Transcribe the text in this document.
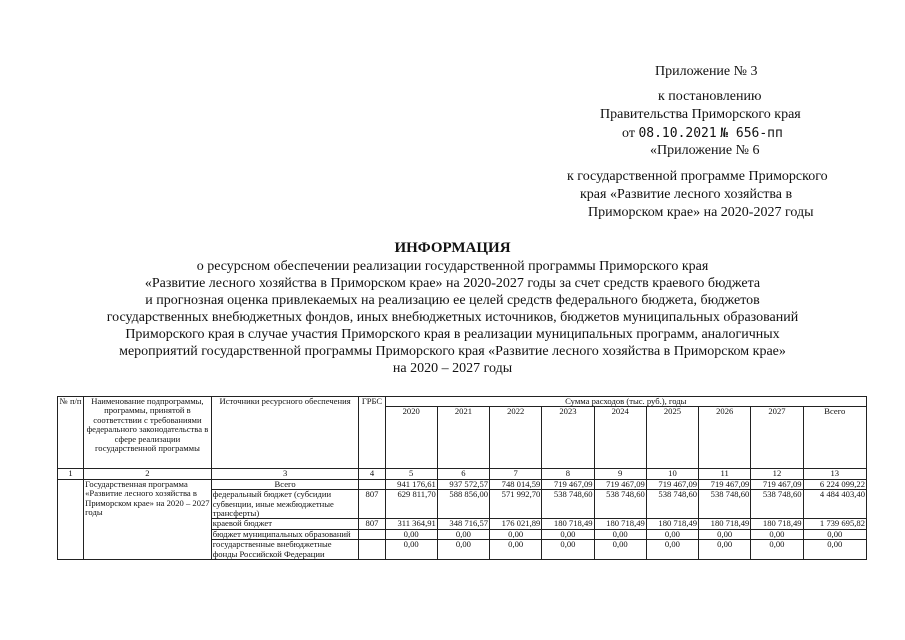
Приложение № 3
к постановлению
Правительства Приморского края
от 08.10.2021 № 656-пп
«Приложение № 6
к государственной программе Приморского
края «Развитие лесного хозяйства в
Приморском крае» на 2020-2027 годы
ИНФОРМАЦИЯ
о ресурсном обеспечении реализации государственной программы Приморского края
«Развитие лесного хозяйства в Приморском крае» на 2020-2027 годы за счет средств краевого бюджета
и прогнозная оценка привлекаемых на реализацию ее целей средств федерального бюджета, бюджетов
государственных внебюджетных фондов, иных внебюджетных источников, бюджетов муниципальных образований
Приморского края в случае участия Приморского края в реализации муниципальных программ, аналогичных
мероприятий государственной программы Приморского края «Развитие лесного хозяйства в Приморском крае»
на 2020 – 2027 годы
№ п/п	Наименование подпрограммы, программы, принятой в соответствии с требованиями федерального законодательства в сфере реализации государственной программы	Источники ресурсного обеспечения	ГРБС	Сумма расходов (тыс. руб.), годы								
				2020	2021	2022	2023	2024	2025	2026	2027	Всего
1	2	3	4	5	6	7	8	9	10	11	12	13
	Государственная программа «Развитие лесного хозяйства в Приморском крае» на 2020 – 2027 годы	Всего		941 176,61	937 572,57	748 014,59	719 467,09	719 467,09	719 467,09	719 467,09	719 467,09	6 224 099,22
		федеральный бюджет (субсидии субвенции, иные межбюджетные трансферты)	807	629 811,70	588 856,00	571 992,70	538 748,60	538 748,60	538 748,60	538 748,60	538 748,60	4 484 403,40
		краевой бюджет	807	311 364,91	348 716,57	176 021,89	180 718,49	180 718,49	180 718,49	180 718,49	180 718,49	1 739 695,82
		бюджет муниципальных образований		0,00	0,00	0,00	0,00	0,00	0,00	0,00	0,00	0,00
		государственные внебюджетные фонды Российской Федерации		0,00	0,00	0,00	0,00	0,00	0,00	0,00	0,00	0,00
